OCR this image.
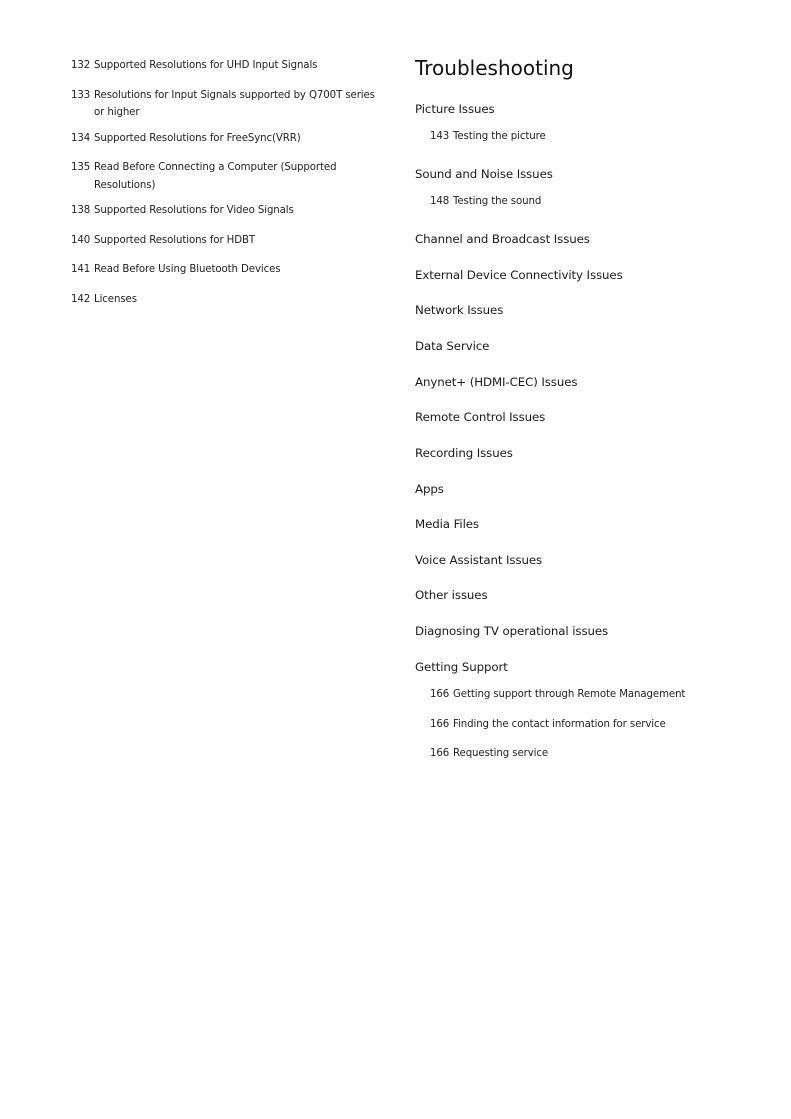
132 Supported Resolutions for UHD Input Signals
133 Resolutions for Input Signals supported by Q700T series or higher
134 Supported Resolutions for FreeSync(VRR)
135 Read Before Connecting a Computer (Supported Resolutions)
138 Supported Resolutions for Video Signals
140 Supported Resolutions for HDBT
141 Read Before Using Bluetooth Devices
142 Licenses
Troubleshooting
Picture Issues
143 Testing the picture
Sound and Noise Issues
148 Testing the sound
Channel and Broadcast Issues
External Device Connectivity Issues
Network Issues
Data Service
Anynet+ (HDMI-CEC) Issues
Remote Control Issues
Recording Issues
Apps
Media Files
Voice Assistant Issues
Other issues
Diagnosing TV operational issues
Getting Support
166 Getting support through Remote Management
166 Finding the contact information for service
166 Requesting service
